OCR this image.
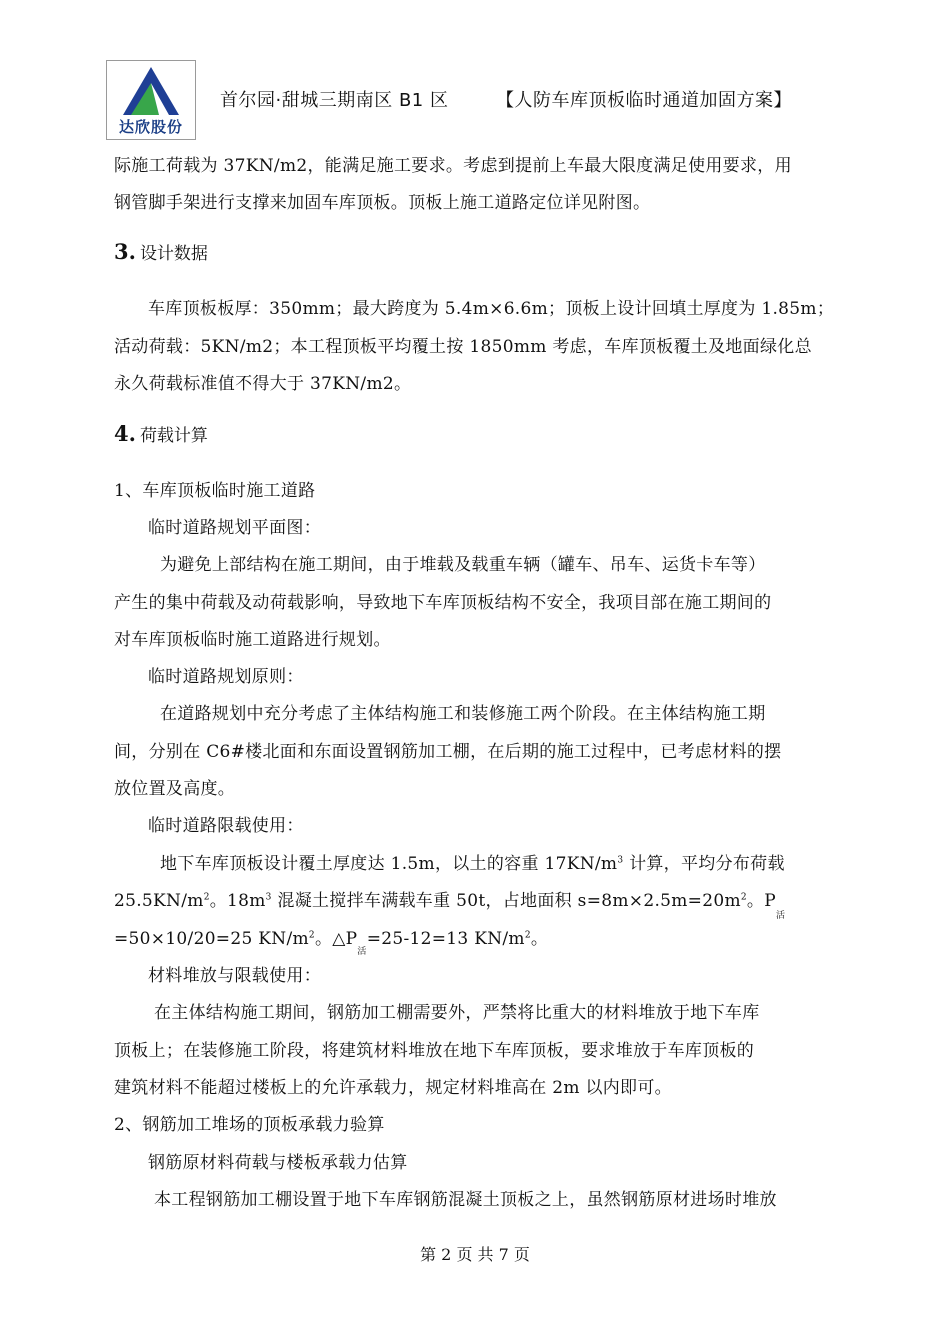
达欣股份
首尔园·甜城三期南区 B1 区	【人防车库顶板临时通道加固方案】
际施工荷载为 37KN/m2，能满足施工要求。考虑到提前上车最大限度满足使用要求，用
钢管脚手架进行支撑来加固车库顶板。顶板上施工道路定位详见附图。
3. 设计数据
车库顶板板厚：350mm；最大跨度为 5.4m×6.6m；顶板上设计回填土厚度为 1.85m；
活动荷载：5KN/m2；本工程顶板平均覆土按 1850mm 考虑，车库顶板覆土及地面绿化总
永久荷载标准值不得大于 37KN/m2。
4. 荷载计算
1、车库顶板临时施工道路
临时道路规划平面图：
为避免上部结构在施工期间，由于堆载及载重车辆（罐车、吊车、运货卡车等）
产生的集中荷载及动荷载影响，导致地下车库顶板结构不安全，我项目部在施工期间的
对车库顶板临时施工道路进行规划。
临时道路规划原则：
在道路规划中充分考虑了主体结构施工和装修施工两个阶段。在主体结构施工期
间，分别在 C6#楼北面和东面设置钢筋加工棚，在后期的施工过程中，已考虑材料的摆
放位置及高度。
临时道路限载使用：
地下车库顶板设计覆土厚度达 1.5m，以土的容重 $17KN/m^3$ 计算，平均分布荷载
$25.5KN/m^2$。$18m^3$ 混凝土搅拌车满载车重 50t，占地面积 $s=8m\times 2.5m=20m^2$。$P_活$
=50×10/20=25 $KN/m^2$。$\triangle P_活=25-12=13$ $KN/m^2$。
材料堆放与限载使用：
在主体结构施工期间，钢筋加工棚需要外，严禁将比重大的材料堆放于地下车库
顶板上；在装修施工阶段，将建筑材料堆放在地下车库顶板，要求堆放于车库顶板的
建筑材料不能超过楼板上的允许承载力，规定材料堆高在 2m 以内即可。
2、钢筋加工堆场的顶板承载力验算
钢筋原材料荷载与楼板承载力估算
本工程钢筋加工棚设置于地下车库钢筋混凝土顶板之上，虽然钢筋原材进场时堆放
第 2 页 共 7 页
